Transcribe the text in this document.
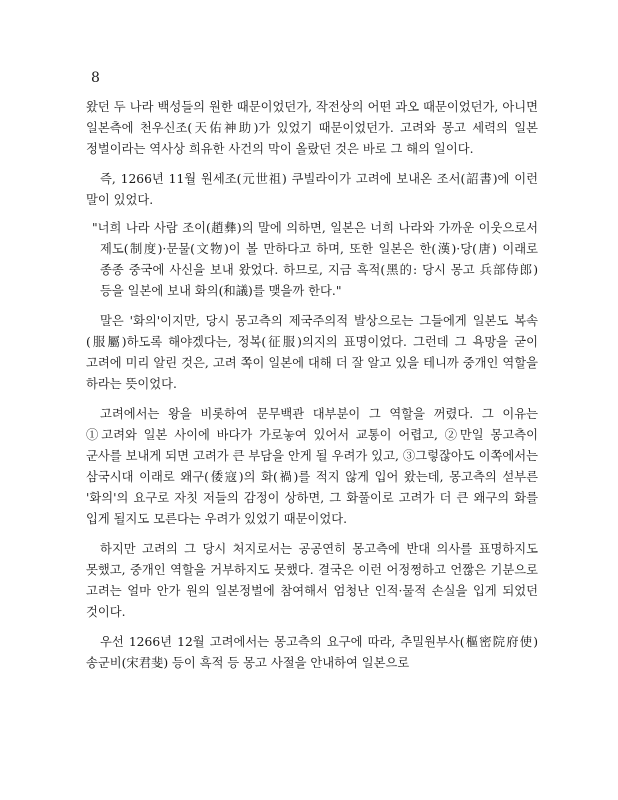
8

왔던 두 나라 백성들의 원한 때문이었던가, 작전상의 어떤 과오 때문이었던가, 아니면 일본측에 천우신조(天佑神助)가 있었기 때문이었던가. 고려와 몽고 세력의 일본 정벌이라는 역사상 희유한 사건의 막이 올랐던 것은 바로 그 해의 일이다.

즉, 1266년 11월 원세조(元世祖) 쿠빌라이가 고려에 보내온 조서(詔書)에 이런 말이 있었다.

"너희 나라 사람 조이(趙彝)의 말에 의하면, 일본은 너희 나라와 가까운 이웃으로서 제도(制度)·문물(文物)이 볼 만하다고 하며, 또한 일본은 한(漢)·당(唐) 이래로 종종 중국에 사신을 보내 왔었다. 하므로, 지금 흑적(黑的: 당시 몽고 兵部侍郎) 등을 일본에 보내 화의(和議)를 맺을까 한다."

말은 '화의'이지만, 당시 몽고측의 제국주의적 발상으로는 그들에게 일본도 복속(服屬)하도록 해야겠다는, 정복(征服)의지의 표명이었다. 그런데 그 욕망을 굳이 고려에 미리 알린 것은, 고려 쪽이 일본에 대해 더 잘 알고 있을 테니까 중개인 역할을 하라는 뜻이었다.

고려에서는 왕을 비롯하여 문무백관 대부분이 그 역할을 꺼렸다. 그 이유는 ①고려와 일본 사이에 바다가 가로놓여 있어서 교통이 어렵고, ②만일 몽고측이 군사를 보내게 되면 고려가 큰 부담을 안게 될 우려가 있고, ③그렇잖아도 이쪽에서는 삼국시대 이래로 왜구(倭寇)의 화(禍)를 적지 않게 입어 왔는데, 몽고측의 섣부른 '화의'의 요구로 자칫 저들의 감정이 상하면, 그 화풀이로 고려가 더 큰 왜구의 화를 입게 될지도 모른다는 우려가 있었기 때문이었다.

하지만 고려의 그 당시 처지로서는 공공연히 몽고측에 반대 의사를 표명하지도 못했고, 중개인 역할을 거부하지도 못했다. 결국은 이런 어정쩡하고 언짢은 기분으로 고려는 얼마 안가 원의 일본정벌에 참여해서 엄청난 인적·물적 손실을 입게 되었던 것이다.

우선 1266년 12월 고려에서는 몽고측의 요구에 따라, 추밀원부사(樞密院府使) 송군비(宋君斐) 등이 흑적 등 몽고 사절을 안내하여 일본으로
